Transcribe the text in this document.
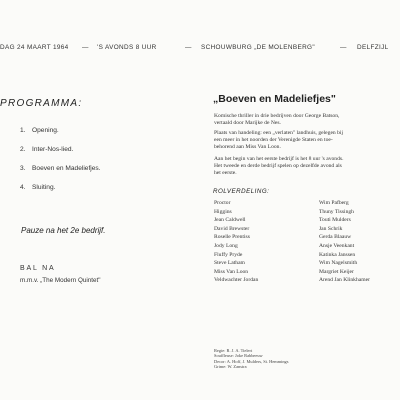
DAG 24 MAART 1964 — 'S AVONDS 8 UUR	— SCHOUWBURG „DE MOLENBERG"	— DELFZIJL
PROGRAMMA:
1. Opening.
2. Inter-Nos-lied.
3. Boeven en Madeliefjes.
4. Sluiting.
Pauze na het 2e bedrijf.
BAL NA
m.m.v. „The Modern Quintet"
„Boeven en Madeliefjes"
Komische thriller in drie bedrijven door George Batson,
vertaald door Marijke de Nes.
Plaats van handeling: een „verlaten" landhuis, gelegen bij
een meer in het noorden der Verenigde Staten en toe-
behorend aan Miss Van Loon.
Aan het begin van het eerste bedrijf is het 8 uur 's avonds.
Het tweede en derde bedrijf spelen op dezelfde avond als
het eerste.
ROLVERDELING:
Proctor	Wim Pafberg
Higgins	Thuny Tissingh
Jean Caldwell	Touti Mulders
David Brewster	Jan Schrik
Roselle Prentiss	Gerda Blaauw
Jody Long	Ansje Veenkant
Fluffy Pryde	Katinka Janssen
Steve Latham	Wim Nagelsmith
Miss Van Loon	Margriet Keijer
Veldwachter Jordan	Arend Jan Klinkhamer
Regie: R. J. A. Tielert
Souffleuse: Joke Rabbeeuw
Decor: A. Hoff, J. Mulders, Si. Hemmings
Grime: W. Zanstra
